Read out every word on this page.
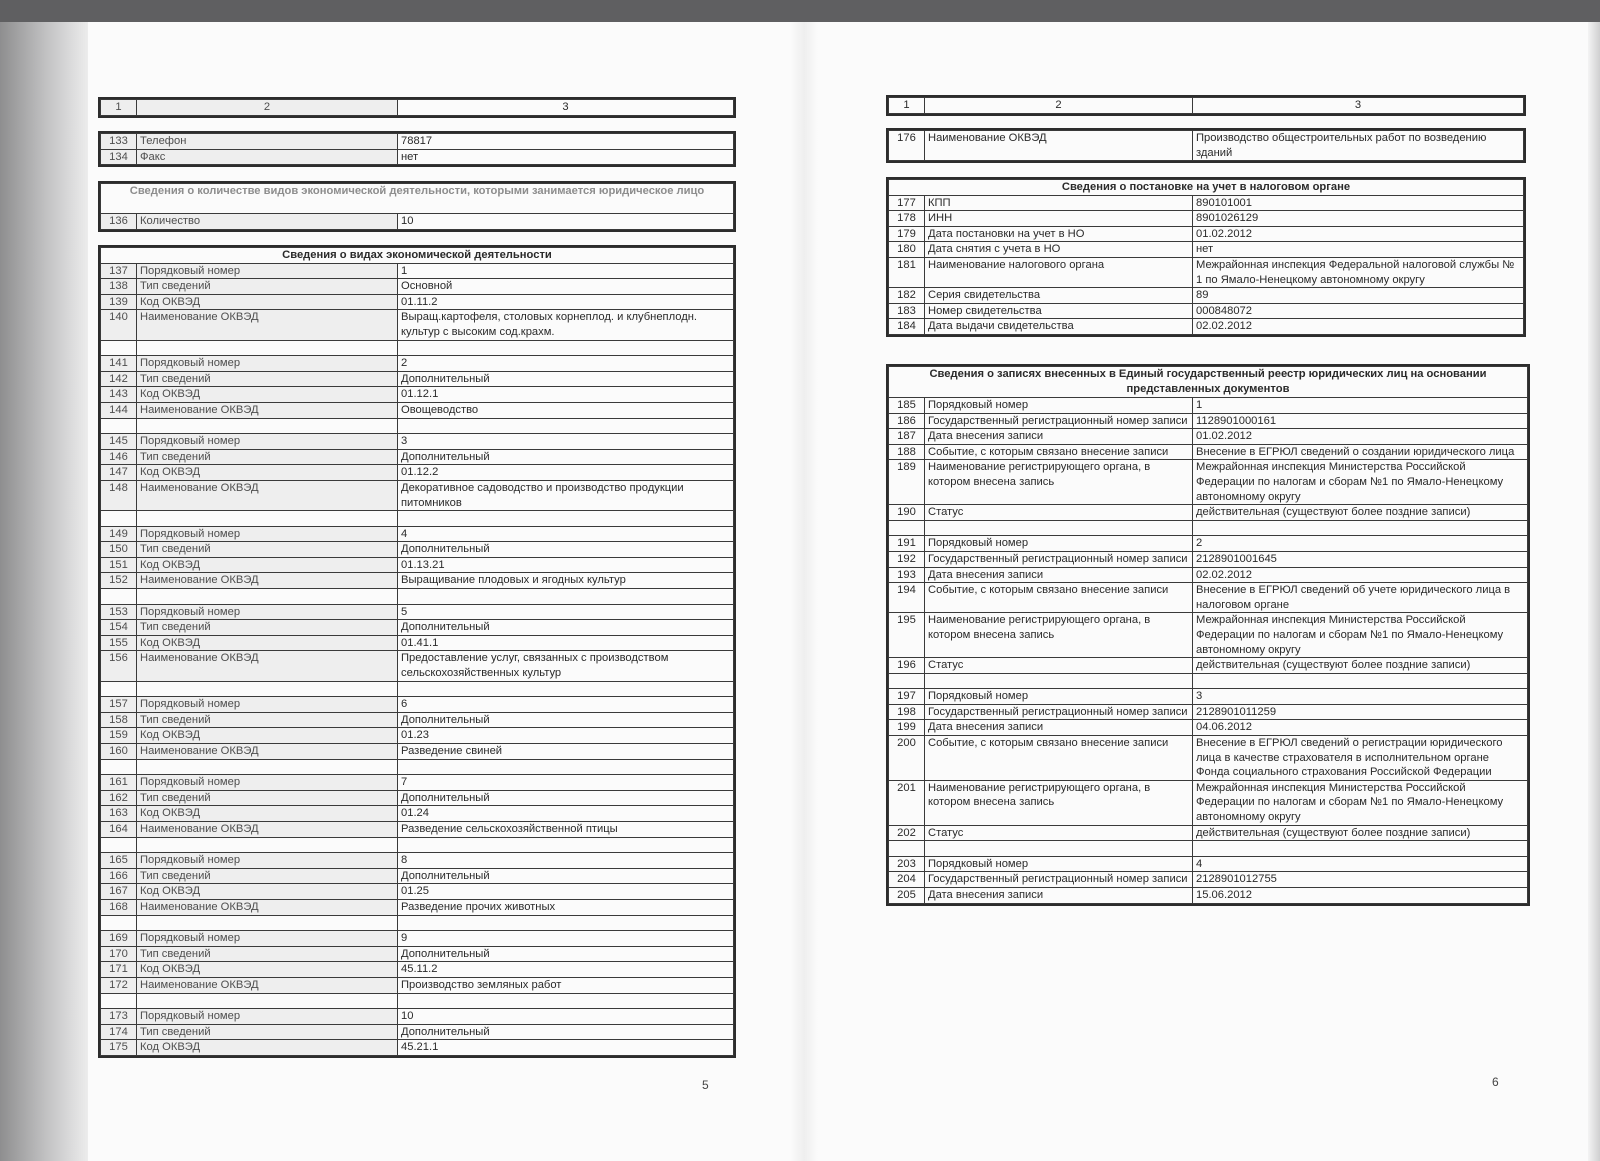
1	2	3
133	Телефон	78817
134	Факс	нет
Сведения о количестве видов экономической деятельности, которыми занимается юридическое лицо
136	Количество	10
Сведения о видах экономической деятельности		
137	Порядковый номер	1
138	Тип сведений	Основной
139	Код ОКВЭД	01.11.2
140	Наименование ОКВЭД	Выращ.картофеля, столовых корнеплод. и клубнеплодн. культур с высоким сод.крахм.

141	Порядковый номер	2
142	Тип сведений	Дополнительный
143	Код ОКВЭД	01.12.1
144	Наименование ОКВЭД	Овощеводство

145	Порядковый номер	3
146	Тип сведений	Дополнительный
147	Код ОКВЭД	01.12.2
148	Наименование ОКВЭД	Декоративное садоводство и производство продукции питомников

149	Порядковый номер	4
150	Тип сведений	Дополнительный
151	Код ОКВЭД	01.13.21
152	Наименование ОКВЭД	Выращивание плодовых и ягодных культур

153	Порядковый номер	5
154	Тип сведений	Дополнительный
155	Код ОКВЭД	01.41.1
156	Наименование ОКВЭД	Предоставление услуг, связанных с производством сельскохозяйственных культур

157	Порядковый номер	6
158	Тип сведений	Дополнительный
159	Код ОКВЭД	01.23
160	Наименование ОКВЭД	Разведение свиней

161	Порядковый номер	7
162	Тип сведений	Дополнительный
163	Код ОКВЭД	01.24
164	Наименование ОКВЭД	Разведение сельскохозяйственной птицы

165	Порядковый номер	8
166	Тип сведений	Дополнительный
167	Код ОКВЭД	01.25
168	Наименование ОКВЭД	Разведение прочих животных

169	Порядковый номер	9
170	Тип сведений	Дополнительный
171	Код ОКВЭД	45.11.2
172	Наименование ОКВЭД	Производство земляных работ

173	Порядковый номер	10
174	Тип сведений	Дополнительный
175	Код ОКВЭД	45.21.1
5
1	2	3
176	Наименование ОКВЭД	Производство общестроительных работ по возведению зданий
Сведения о постановке на учет в налоговом органе		
177	КПП	890101001
178	ИНН	8901026129
179	Дата постановки на учет в НО	01.02.2012
180	Дата снятия с учета в НО	нет
181	Наименование налогового органа	Межрайонная инспекция Федеральной налоговой службы № 1 по Ямало-Ненецкому автономному округу
182	Серия свидетельства	89
183	Номер свидетельства	000848072
184	Дата выдачи свидетельства	02.02.2012
Сведения о записях внесенных в Единый государственный реестр юридических лиц на основании представленных документов		
185	Порядковый номер	1
186	Государственный регистрационный номер записи	1128901000161
187	Дата внесения записи	01.02.2012
188	Событие, с которым связано внесение записи	Внесение в ЕГРЮЛ сведений о создании юридического лица
189	Наименование регистрирующего органа, в котором внесена запись	Межрайонная инспекция Министерства Российской Федерации по налогам и сборам №1 по Ямало-Ненецкому автономному округу
190	Статус	действительная (существуют более поздние записи)

191	Порядковый номер	2
192	Государственный регистрационный номер записи	2128901001645
193	Дата внесения записи	02.02.2012
194	Событие, с которым связано внесение записи	Внесение в ЕГРЮЛ сведений об учете юридического лица в налоговом органе
195	Наименование регистрирующего органа, в котором внесена запись	Межрайонная инспекция Министерства Российской Федерации по налогам и сборам №1 по Ямало-Ненецкому автономному округу
196	Статус	действительная (существуют более поздние записи)

197	Порядковый номер	3
198	Государственный регистрационный номер записи	2128901011259
199	Дата внесения записи	04.06.2012
200	Событие, с которым связано внесение записи	Внесение в ЕГРЮЛ сведений о регистрации юридического лица в качестве страхователя в исполнительном органе Фонда социального страхования Российской Федерации
201	Наименование регистрирующего органа, в котором внесена запись	Межрайонная инспекция Министерства Российской Федерации по налогам и сборам №1 по Ямало-Ненецкому автономному округу
202	Статус	действительная (существуют более поздние записи)

203	Порядковый номер	4
204	Государственный регистрационный номер записи	2128901012755
205	Дата внесения записи	15.06.2012
6
